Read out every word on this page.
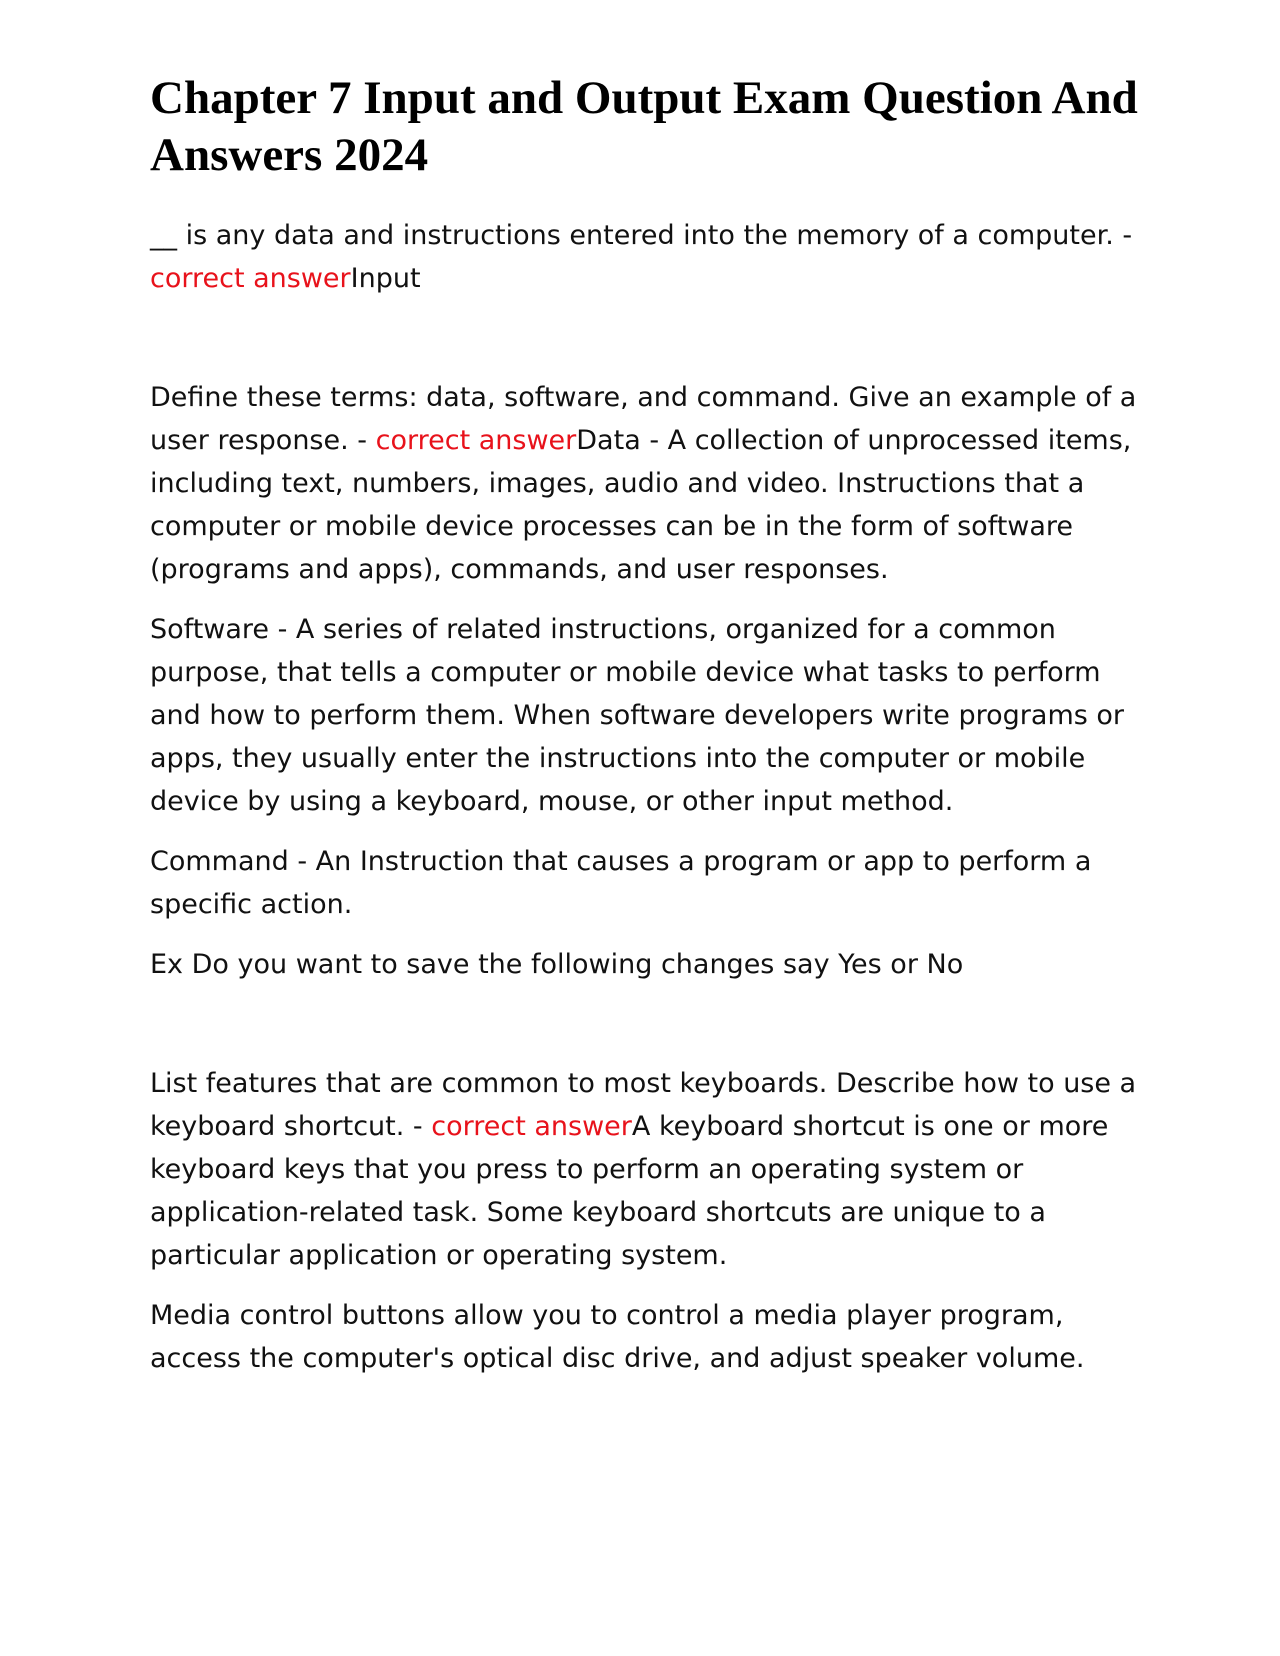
Chapter 7 Input and Output Exam Question And Answers 2024

__ is any data and instructions entered into the memory of a computer. - correct answerInput

Define these terms: data, software, and command. Give an example of a user response. - correct answerData - A collection of unprocessed items, including text, numbers, images, audio and video. Instructions that a computer or mobile device processes can be in the form of software (programs and apps), commands, and user responses.

Software - A series of related instructions, organized for a common purpose, that tells a computer or mobile device what tasks to perform and how to perform them. When software developers write programs or apps, they usually enter the instructions into the computer or mobile device by using a keyboard, mouse, or other input method.

Command - An Instruction that causes a program or app to perform a specific action.

Ex Do you want to save the following changes say Yes or No

List features that are common to most keyboards. Describe how to use a keyboard shortcut. - correct answerA keyboard shortcut is one or more keyboard keys that you press to perform an operating system or application-related task. Some keyboard shortcuts are unique to a particular application or operating system.

Media control buttons allow you to control a media player program, access the computer's optical disc drive, and adjust speaker volume.
